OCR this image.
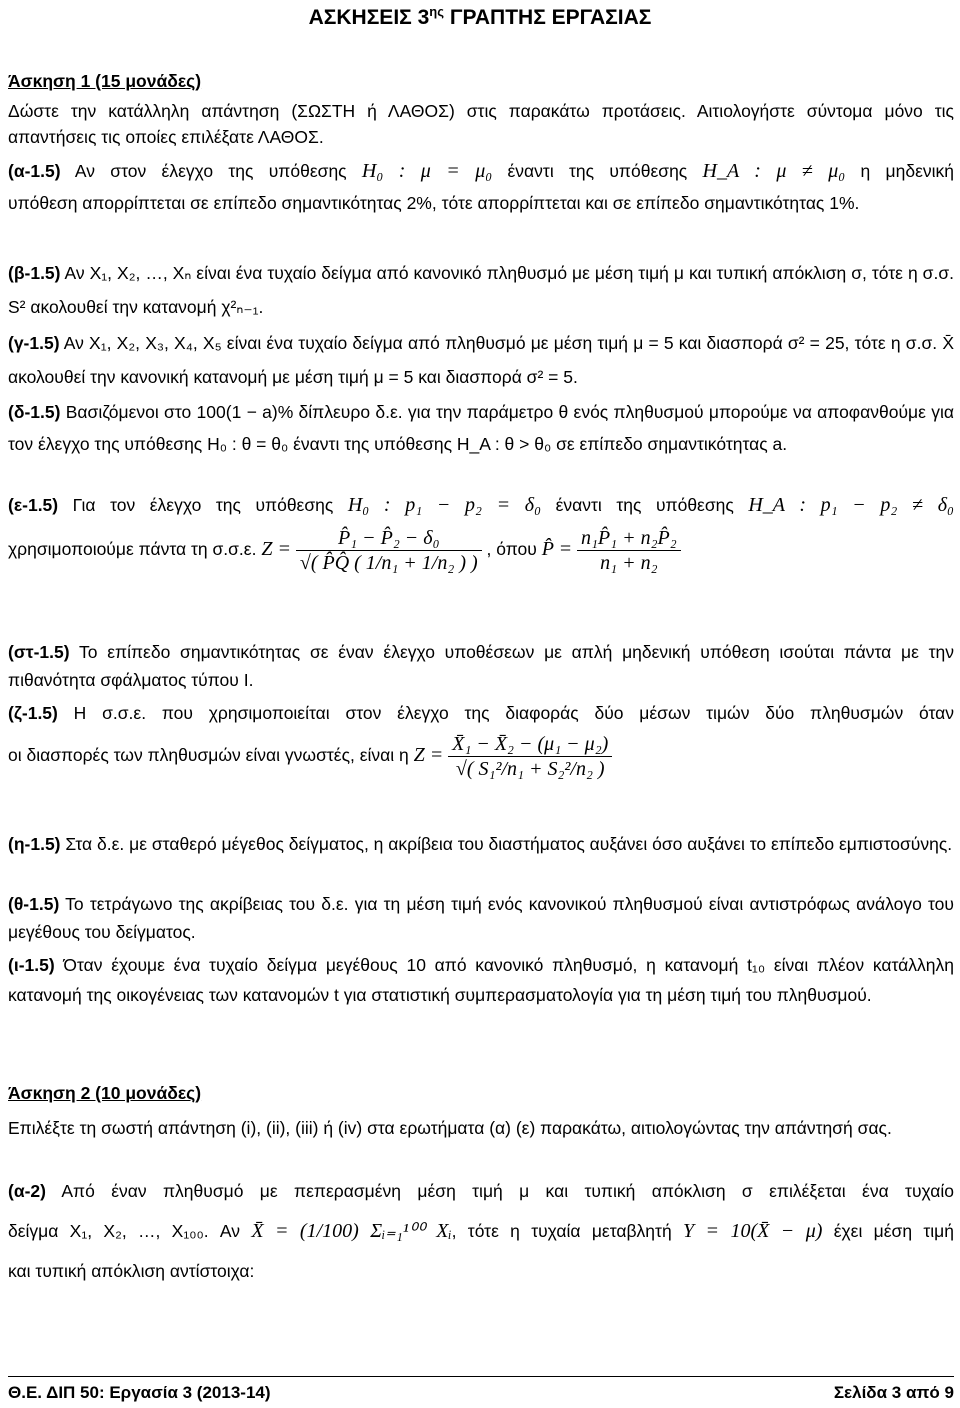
ΑΣΚΗΣΕΙΣ $3^{\eta\varsigma}$ ΓΡΑΠΤΗΣ ΕΡΓΑΣΙΑΣ
Άσκηση 1 (15 μονάδες)
Δώστε την κατάλληλη απάντηση (ΣΩΣΤΗ ή ΛΑΘΟΣ) στις παρακάτω προτάσεις. Αιτιολογήστε σύντομα μόνο τις απαντήσεις τις οποίες επιλέξατε ΛΑΘΟΣ.
(α-1.5) Αν στον έλεγχο της υπόθεσης H₀ : μ = μ₀ έναντι της υπόθεσης H_A : μ ≠ μ₀ η μηδενική
υπόθεση απορρίπτεται σε επίπεδο σημαντικότητας 2%, τότε απορρίπτεται και σε επίπεδο σημαντικότητας 1%.
(β-1.5) Αν X₁, X₂, …, Xₙ είναι ένα τυχαίο δείγμα από κανονικό πληθυσμό με μέση τιμή μ και τυπική απόκλιση σ, τότε η σ.σ. S² ακολουθεί την κατανομή χ²ₙ₋₁.
(γ-1.5) Αν X₁, X₂, X₃, X₄, X₅ είναι ένα τυχαίο δείγμα από πληθυσμό με μέση τιμή μ = 5 και διασπορά σ² = 25, τότε η σ.σ. X̄ ακολουθεί την κανονική κατανομή με μέση τιμή μ = 5 και διασπορά σ² = 5.
(δ-1.5) Βασιζόμενοι στο 100(1 − a)% δίπλευρο δ.ε. για την παράμετρο θ ενός πληθυσμού μπορούμε να αποφανθούμε για τον έλεγχο της υπόθεσης H₀ : θ = θ₀ έναντι της υπόθεσης H_A : θ > θ₀ σε επίπεδο σημαντικότητας a.
(ε-1.5) Για τον έλεγχο της υπόθεσης H₀ : p₁ − p₂ = δ₀ έναντι της υπόθεσης H_A : p₁ − p₂ ≠ δ₀
χρησιμοποιούμε πάντα τη σ.σ.ε. $Z = \frac{\text{P̂₁ − P̂₂ − δ₀}}{\text{√( P̂Q̂ ( 1/n₁ + 1/n₂ ) )}}$ , όπου P̂ = $\frac{\text{n₁P̂₁ + n₂P̂₂}}{\text{n₁ + n₂}}$
(στ-1.5) Το επίπεδο σημαντικότητας σε έναν έλεγχο υποθέσεων με απλή μηδενική υπόθεση ισούται πάντα με την πιθανότητα σφάλματος τύπου Ι.
(ζ-1.5) Η σ.σ.ε. που χρησιμοποιείται στον έλεγχο της διαφοράς δύο μέσων τιμών δύο πληθυσμών όταν
οι διασπορές των πληθυσμών είναι γνωστές, είναι η $Z = \frac{\text{X̄₁ − X̄₂ − (μ₁ − μ₂)}}{\text{√( S₁²/n₁ + S₂²/n₂ )}}$
(η-1.5) Στα δ.ε. με σταθερό μέγεθος δείγματος, η ακρίβεια του διαστήματος αυξάνει όσο αυξάνει το επίπεδο εμπιστοσύνης.
(θ-1.5) Το τετράγωνο της ακρίβειας του δ.ε. για τη μέση τιμή ενός κανονικού πληθυσμού είναι αντιστρόφως ανάλογο του μεγέθους του δείγματος.
(ι-1.5) Όταν έχουμε ένα τυχαίο δείγμα μεγέθους 10 από κανονικό πληθυσμό, η κατανομή t₁₀ είναι πλέον κατάλληλη κατανομή της οικογένειας των κατανομών t για στατιστική συμπερασματολογία για τη μέση τιμή του πληθυσμού.
Άσκηση 2 (10 μονάδες)
Επιλέξτε τη σωστή απάντηση (i), (ii), (iii) ή (iv) στα ερωτήματα (α) (ε) παρακάτω, αιτιολογώντας την απάντησή σας.
(α-2) Από έναν πληθυσμό με πεπερασμένη μέση τιμή μ και τυπική απόκλιση σ επιλέξεται ένα τυχαίο
δείγμα X₁, X₂, …, X₁₀₀. Αν X̄ = (1/100) Σᵢ₌₁¹⁰⁰ Xᵢ, τότε η τυχαία μεταβλητή Y = 10(X̄ − μ) έχει μέση τιμή
και τυπική απόκλιση αντίστοιχα:
Θ.Ε. ΔΙΠ 50: Εργασία 3 (2013-14)	Σελίδα 3 από 9
